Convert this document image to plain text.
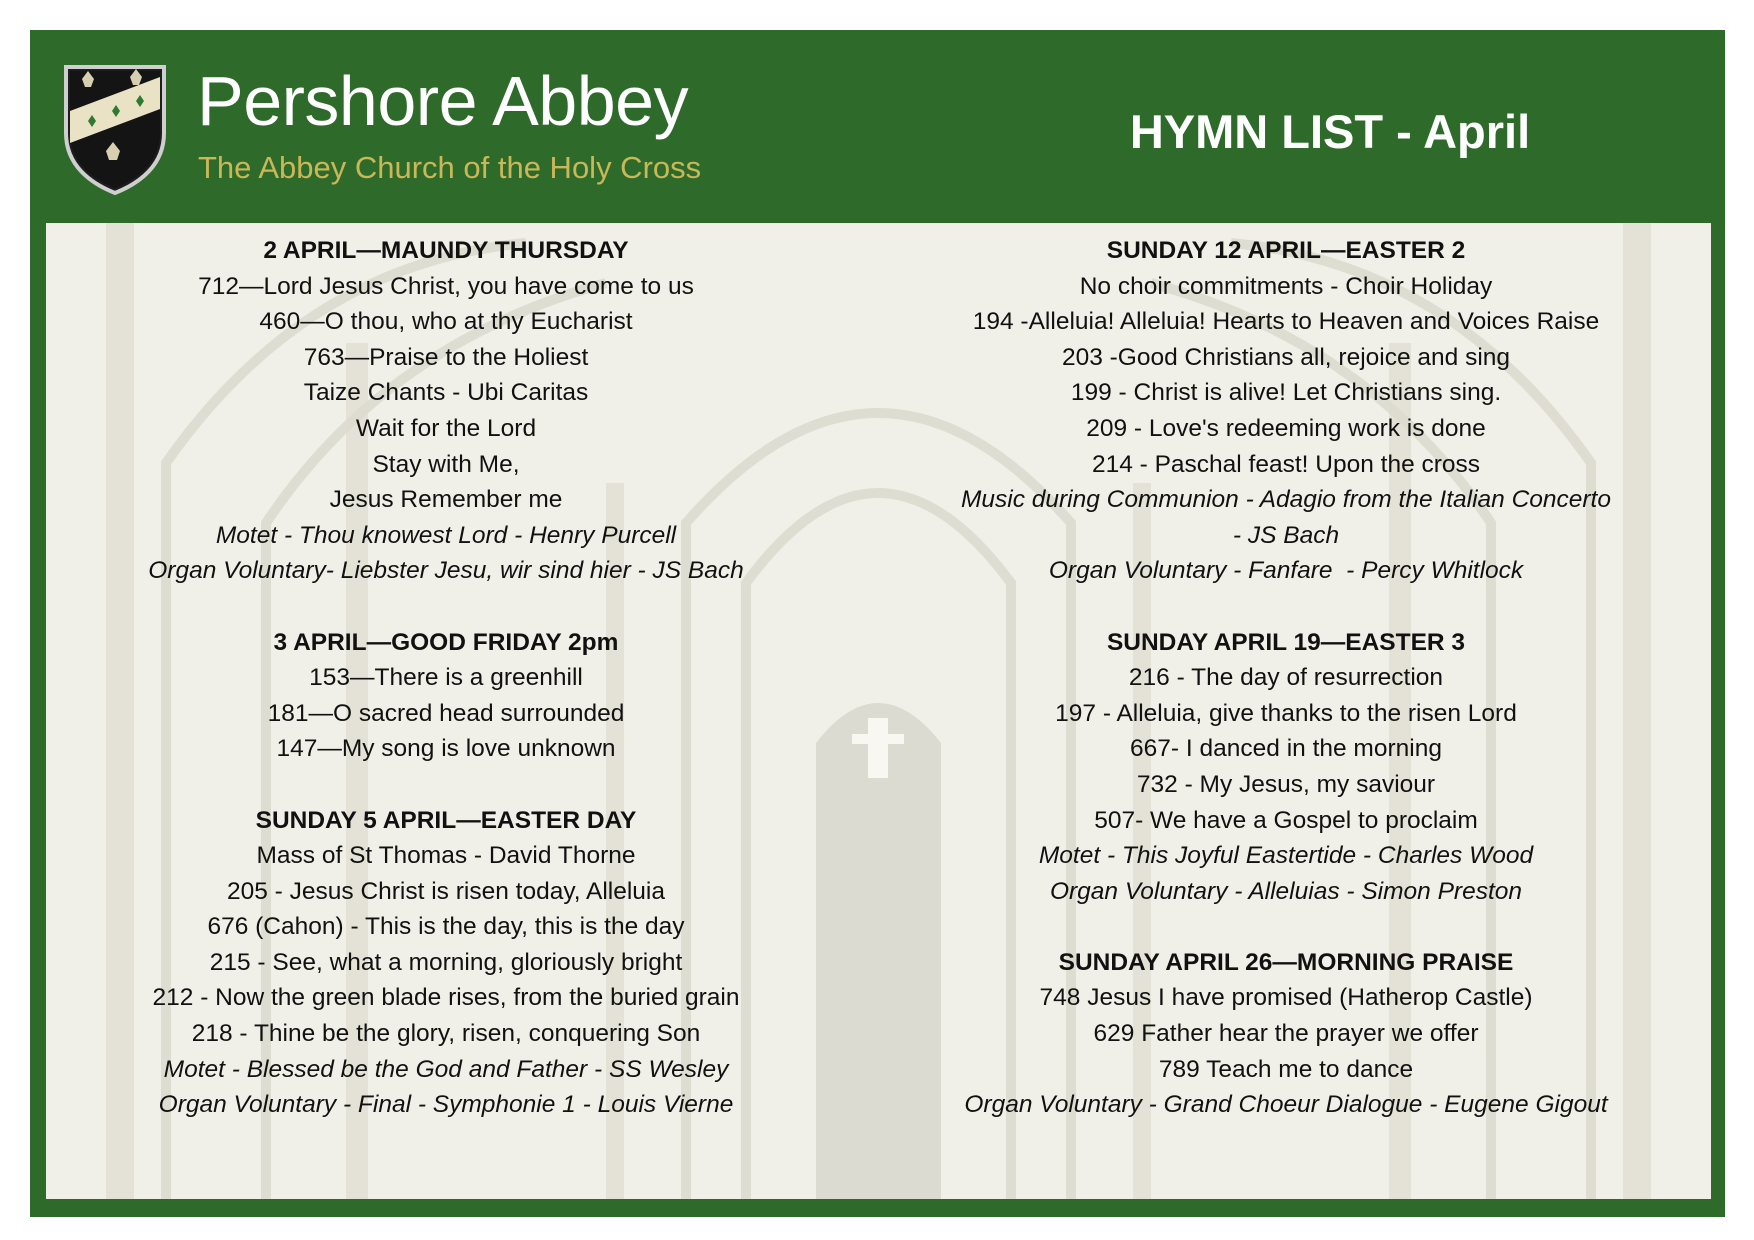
Pershore Abbey
The Abbey Church of the Holy Cross
HYMN LIST - April
2 APRIL—MAUNDY THURSDAY
712—Lord Jesus Christ, you have come to us
460—O thou, who at thy Eucharist
763—Praise to the Holiest
Taize Chants - Ubi Caritas
Wait for the Lord
Stay with Me,
Jesus Remember me
Motet - Thou knowest Lord - Henry Purcell
Organ Voluntary- Liebster Jesu, wir sind hier - JS Bach
3 APRIL—GOOD FRIDAY 2pm
153—There is a greenhill
181—O sacred head surrounded
147—My song is love unknown
SUNDAY 5 APRIL—EASTER DAY
Mass of St Thomas - David Thorne
205 - Jesus Christ is risen today, Alleluia
676 (Cahon) - This is the day, this is the day
215 - See, what a morning, gloriously bright
212 - Now the green blade rises, from the buried grain
218 - Thine be the glory, risen, conquering Son
Motet - Blessed be the God and Father - SS Wesley
Organ Voluntary - Final - Symphonie 1 - Louis Vierne
SUNDAY 12 APRIL—EASTER 2
No choir commitments - Choir Holiday
194 -Alleluia! Alleluia! Hearts to Heaven and Voices Raise
203 -Good Christians all, rejoice and sing
199 - Christ is alive! Let Christians sing.
209 - Love's redeeming work is done
214 - Paschal feast! Upon the cross
Music during Communion - Adagio from the Italian Concerto
- JS Bach
Organ Voluntary - Fanfare  - Percy Whitlock
SUNDAY APRIL 19—EASTER 3
216 - The day of resurrection
197 - Alleluia, give thanks to the risen Lord
667- I danced in the morning
732 - My Jesus, my saviour
507- We have a Gospel to proclaim
Motet - This Joyful Eastertide - Charles Wood
Organ Voluntary - Alleluias - Simon Preston
SUNDAY APRIL 26—MORNING PRAISE
748 Jesus I have promised (Hatherop Castle)
629 Father hear the prayer we offer
789 Teach me to dance
Organ Voluntary - Grand Choeur Dialogue - Eugene Gigout
